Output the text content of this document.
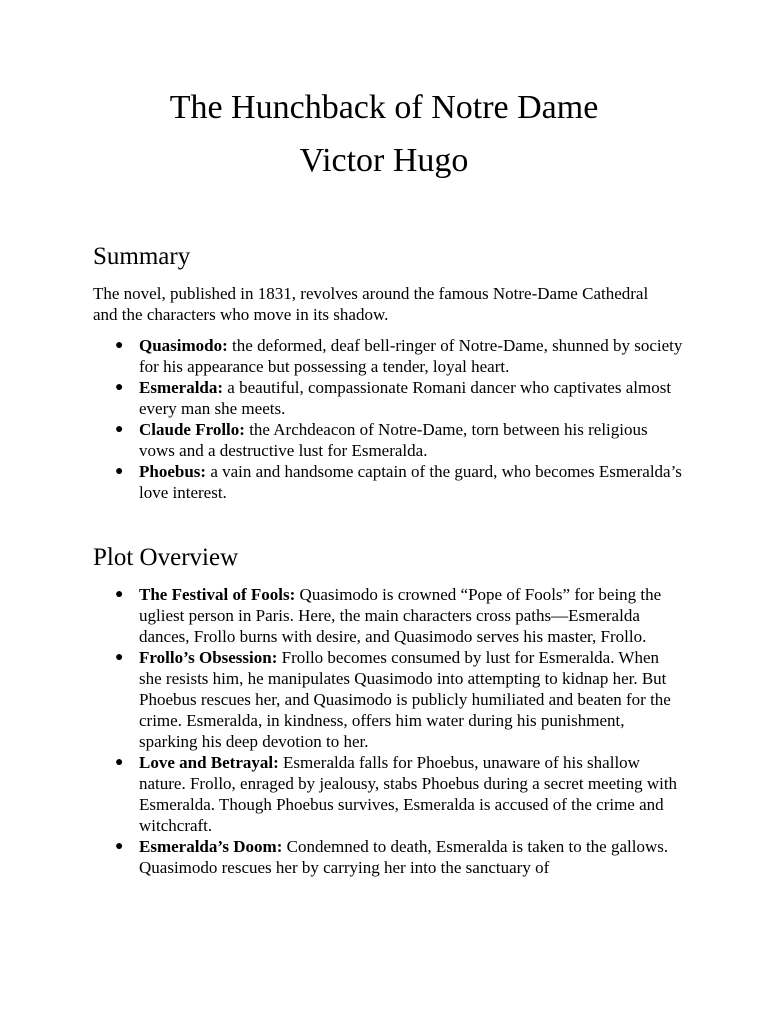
The Hunchback of Notre Dame
Victor Hugo
Summary

The novel, published in 1831, revolves around the famous Notre-Dame Cathedral and the characters who move in its shadow.

● Quasimodo: the deformed, deaf bell-ringer of Notre-Dame, shunned by society for his appearance but possessing a tender, loyal heart.
● Esmeralda: a beautiful, compassionate Romani dancer who captivates almost every man she meets.
● Claude Frollo: the Archdeacon of Notre-Dame, torn between his religious vows and a destructive lust for Esmeralda.
● Phoebus: a vain and handsome captain of the guard, who becomes Esmeralda’s love interest.
Plot Overview
● The Festival of Fools: Quasimodo is crowned “Pope of Fools” for being the ugliest person in Paris. Here, the main characters cross paths—Esmeralda dances, Frollo burns with desire, and Quasimodo serves his master, Frollo.
● Frollo’s Obsession: Frollo becomes consumed by lust for Esmeralda. When she resists him, he manipulates Quasimodo into attempting to kidnap her. But Phoebus rescues her, and Quasimodo is publicly humiliated and beaten for the crime. Esmeralda, in kindness, offers him water during his punishment, sparking his deep devotion to her.
● Love and Betrayal: Esmeralda falls for Phoebus, unaware of his shallow nature. Frollo, enraged by jealousy, stabs Phoebus during a secret meeting with Esmeralda. Though Phoebus survives, Esmeralda is accused of the crime and witchcraft.
● Esmeralda’s Doom: Condemned to death, Esmeralda is taken to the gallows. Quasimodo rescues her by carrying her into the sanctuary of
